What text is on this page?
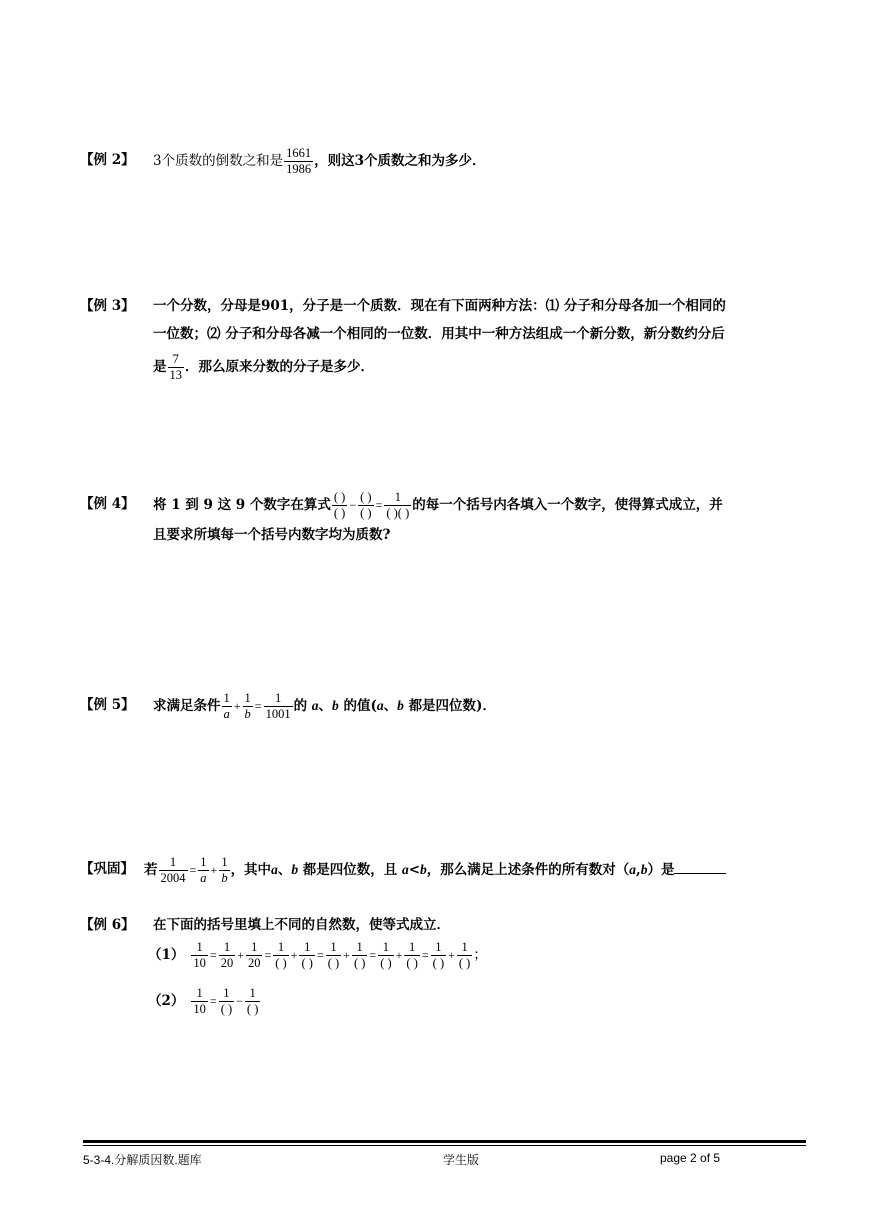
【例 2】 3个质数的倒数之和是 $\frac{1661}{1986}$ ，则这3个质数之和为多少．
【例 3】 一个分数，分母是901，分子是一个质数．现在有下面两种方法：⑴ 分子和分母各加一个相同的
一位数；⑵ 分子和分母各减一个相同的一位数．用其中一种方法组成一个新分数，新分数约分后
是 $\frac{7}{13}$ ．那么原来分数的分子是多少．
【例 4】 将 1 到 9 这 9 个数字在算式 $\frac{( )}{( )} - \frac{( )}{( )} = \frac{1}{( )( )}$ 的每一个括号内各填入一个数字，使得算式成立，并
且要求所填每一个括号内数字均为质数?
【例 5】 求满足条件 $\frac{1}{a} + \frac{1}{b} = \frac{1}{1001}$ 的 a、b 的值(a、b 都是四位数)．
【巩固】 若 $\frac{1}{2004} = \frac{1}{a} + \frac{1}{b}$ ，其中a、b 都是四位数，且 a<b，那么满足上述条件的所有数对（a,b）是
【例 6】 在下面的括号里填上不同的自然数，使等式成立．
$(1) \frac{1}{10} = \frac{1}{20} + \frac{1}{20} = \frac{1}{( )} + \frac{1}{( )} = \frac{1}{( )} + \frac{1}{( )} = \frac{1}{( )} + \frac{1}{( )} = \frac{1}{( )} + \frac{1}{( )}$ ；
$(2) \frac{1}{10} = \frac{1}{( )} - \frac{1}{( )}$
5-3-4.分解质因数.题库	学生版	page 2 of 5
